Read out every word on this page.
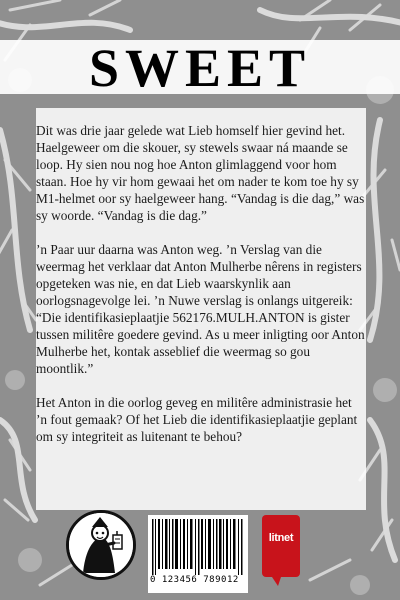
SWEET

Dit was drie jaar gelede wat Lieb homself hier gevind het. Haelgeweer om die skouer, sy stewels swaar ná maande se loop. Hy sien nou nog hoe Anton glimlaggend voor hom staan. Hoe hy vir hom gewaai het om nader te kom toe hy sy M1-helmet oor sy haelgeweer hang. “Vandag is die dag,” was sy woorde. “Vandag is die dag.”

’n Paar uur daarna was Anton weg. ’n Verslag van die weermag het verklaar dat Anton Mulherbe nêrens in registers opgeteken was nie, en dat Lieb waarskynlik aan oorlogsnagevolge lei. ’n Nuwe verslag is onlangs uitgereik: “Die identifikasieplaatjie 562176.MULH.ANTON is gister tussen militêre goedere gevind. As u meer inligting oor Anton Mulherbe het, kontak asseblief die weermag so gou moontlik.”

Het Anton in die oorlog geveg en militêre administrasie het ’n fout gemaak? Of het Lieb die identifikasieplaatjie geplant om sy integriteit as luitenant te behou?

0 123456 789012
litnet
